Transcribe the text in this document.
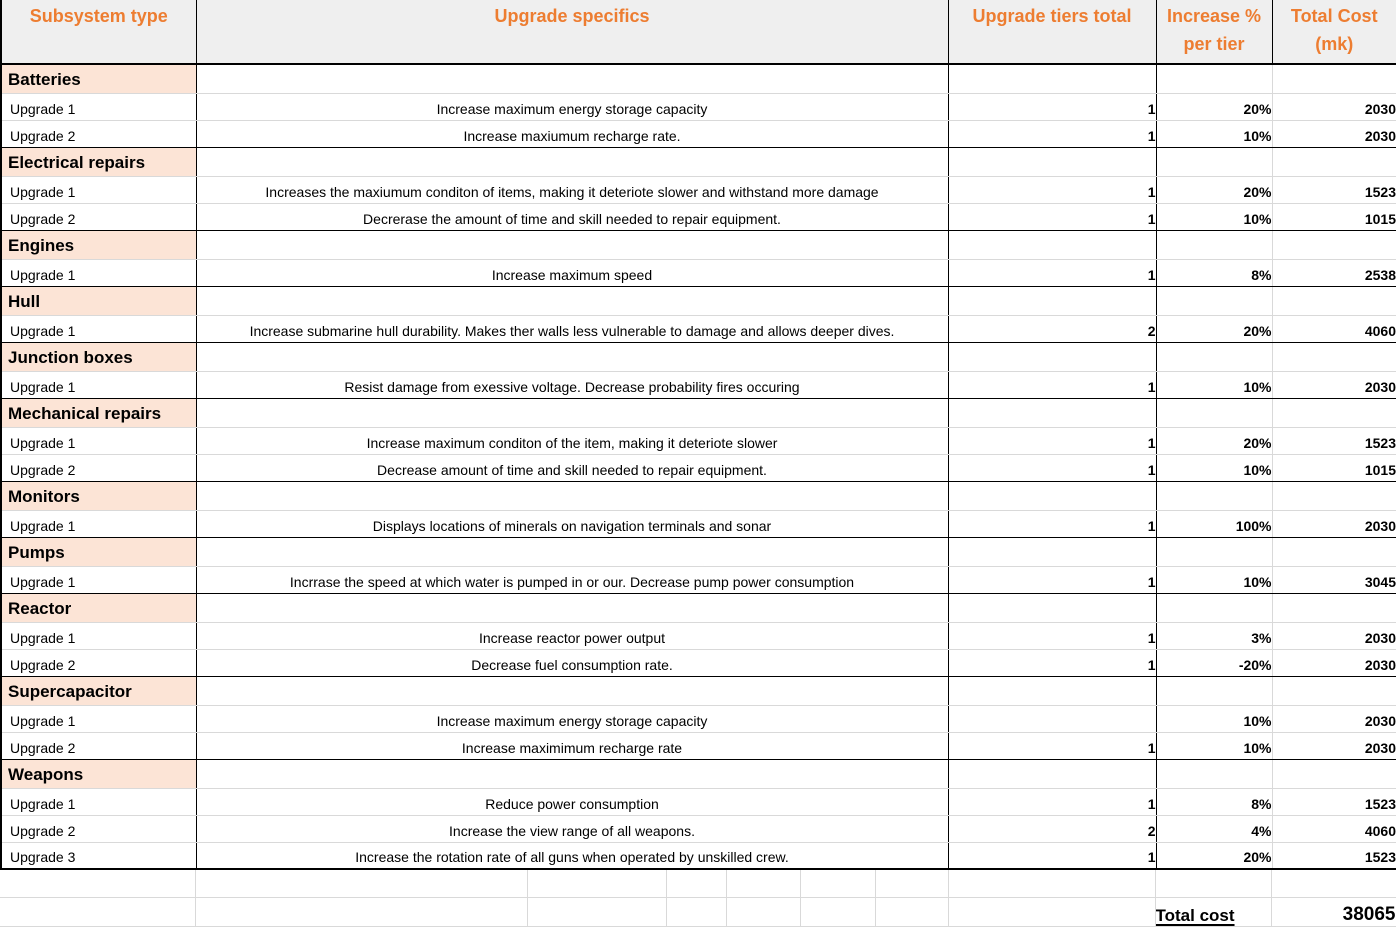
Subsystem type	Upgrade specifics	Upgrade tiers total	Increase % per tier	Total Cost (mk)
Batteries				
Upgrade 1	Increase maximum energy storage capacity	1	20%	2030
Upgrade 2	Increase maxiumum recharge rate.	1	10%	2030
Electrical repairs				
Upgrade 1	Increases the maxiumum conditon of items, making it deteriote slower and withstand more damage	1	20%	1523
Upgrade 2	Decrerase the amount of time and skill needed to repair equipment.	1	10%	1015
Engines				
Upgrade 1	Increase maximum speed	1	8%	2538
Hull				
Upgrade 1	Increase submarine hull durability. Makes ther walls less vulnerable to damage and allows deeper dives.	2	20%	4060
Junction boxes				
Upgrade 1	Resist damage from exessive voltage. Decrease probability fires occuring	1	10%	2030
Mechanical repairs				
Upgrade 1	Increase maximum conditon of the item, making it deteriote slower	1	20%	1523
Upgrade 2	Decrease amount of time and skill needed to repair equipment.	1	10%	1015
Monitors				
Upgrade 1	Displays locations of minerals on navigation terminals and sonar	1	100%	2030
Pumps				
Upgrade 1	Incrrase the speed at which water is pumped in or our. Decrease pump power consumption	1	10%	3045
Reactor				
Upgrade 1	Increase reactor power output	1	3%	2030
Upgrade 2	Decrease fuel consumption rate.	1	-20%	2030
Supercapacitor				
Upgrade 1	Increase maximum energy storage capacity		10%	2030
Upgrade 2	Increase maximimum recharge rate	1	10%	2030
Weapons				
Upgrade 1	Reduce power consumption	1	8%	1523
Upgrade 2	Increase the view range of all weapons.	2	4%	4060
Upgrade 3	Increase the rotation rate of all guns when operated by unskilled crew.	1	20%	1523

								Total cost	38065
